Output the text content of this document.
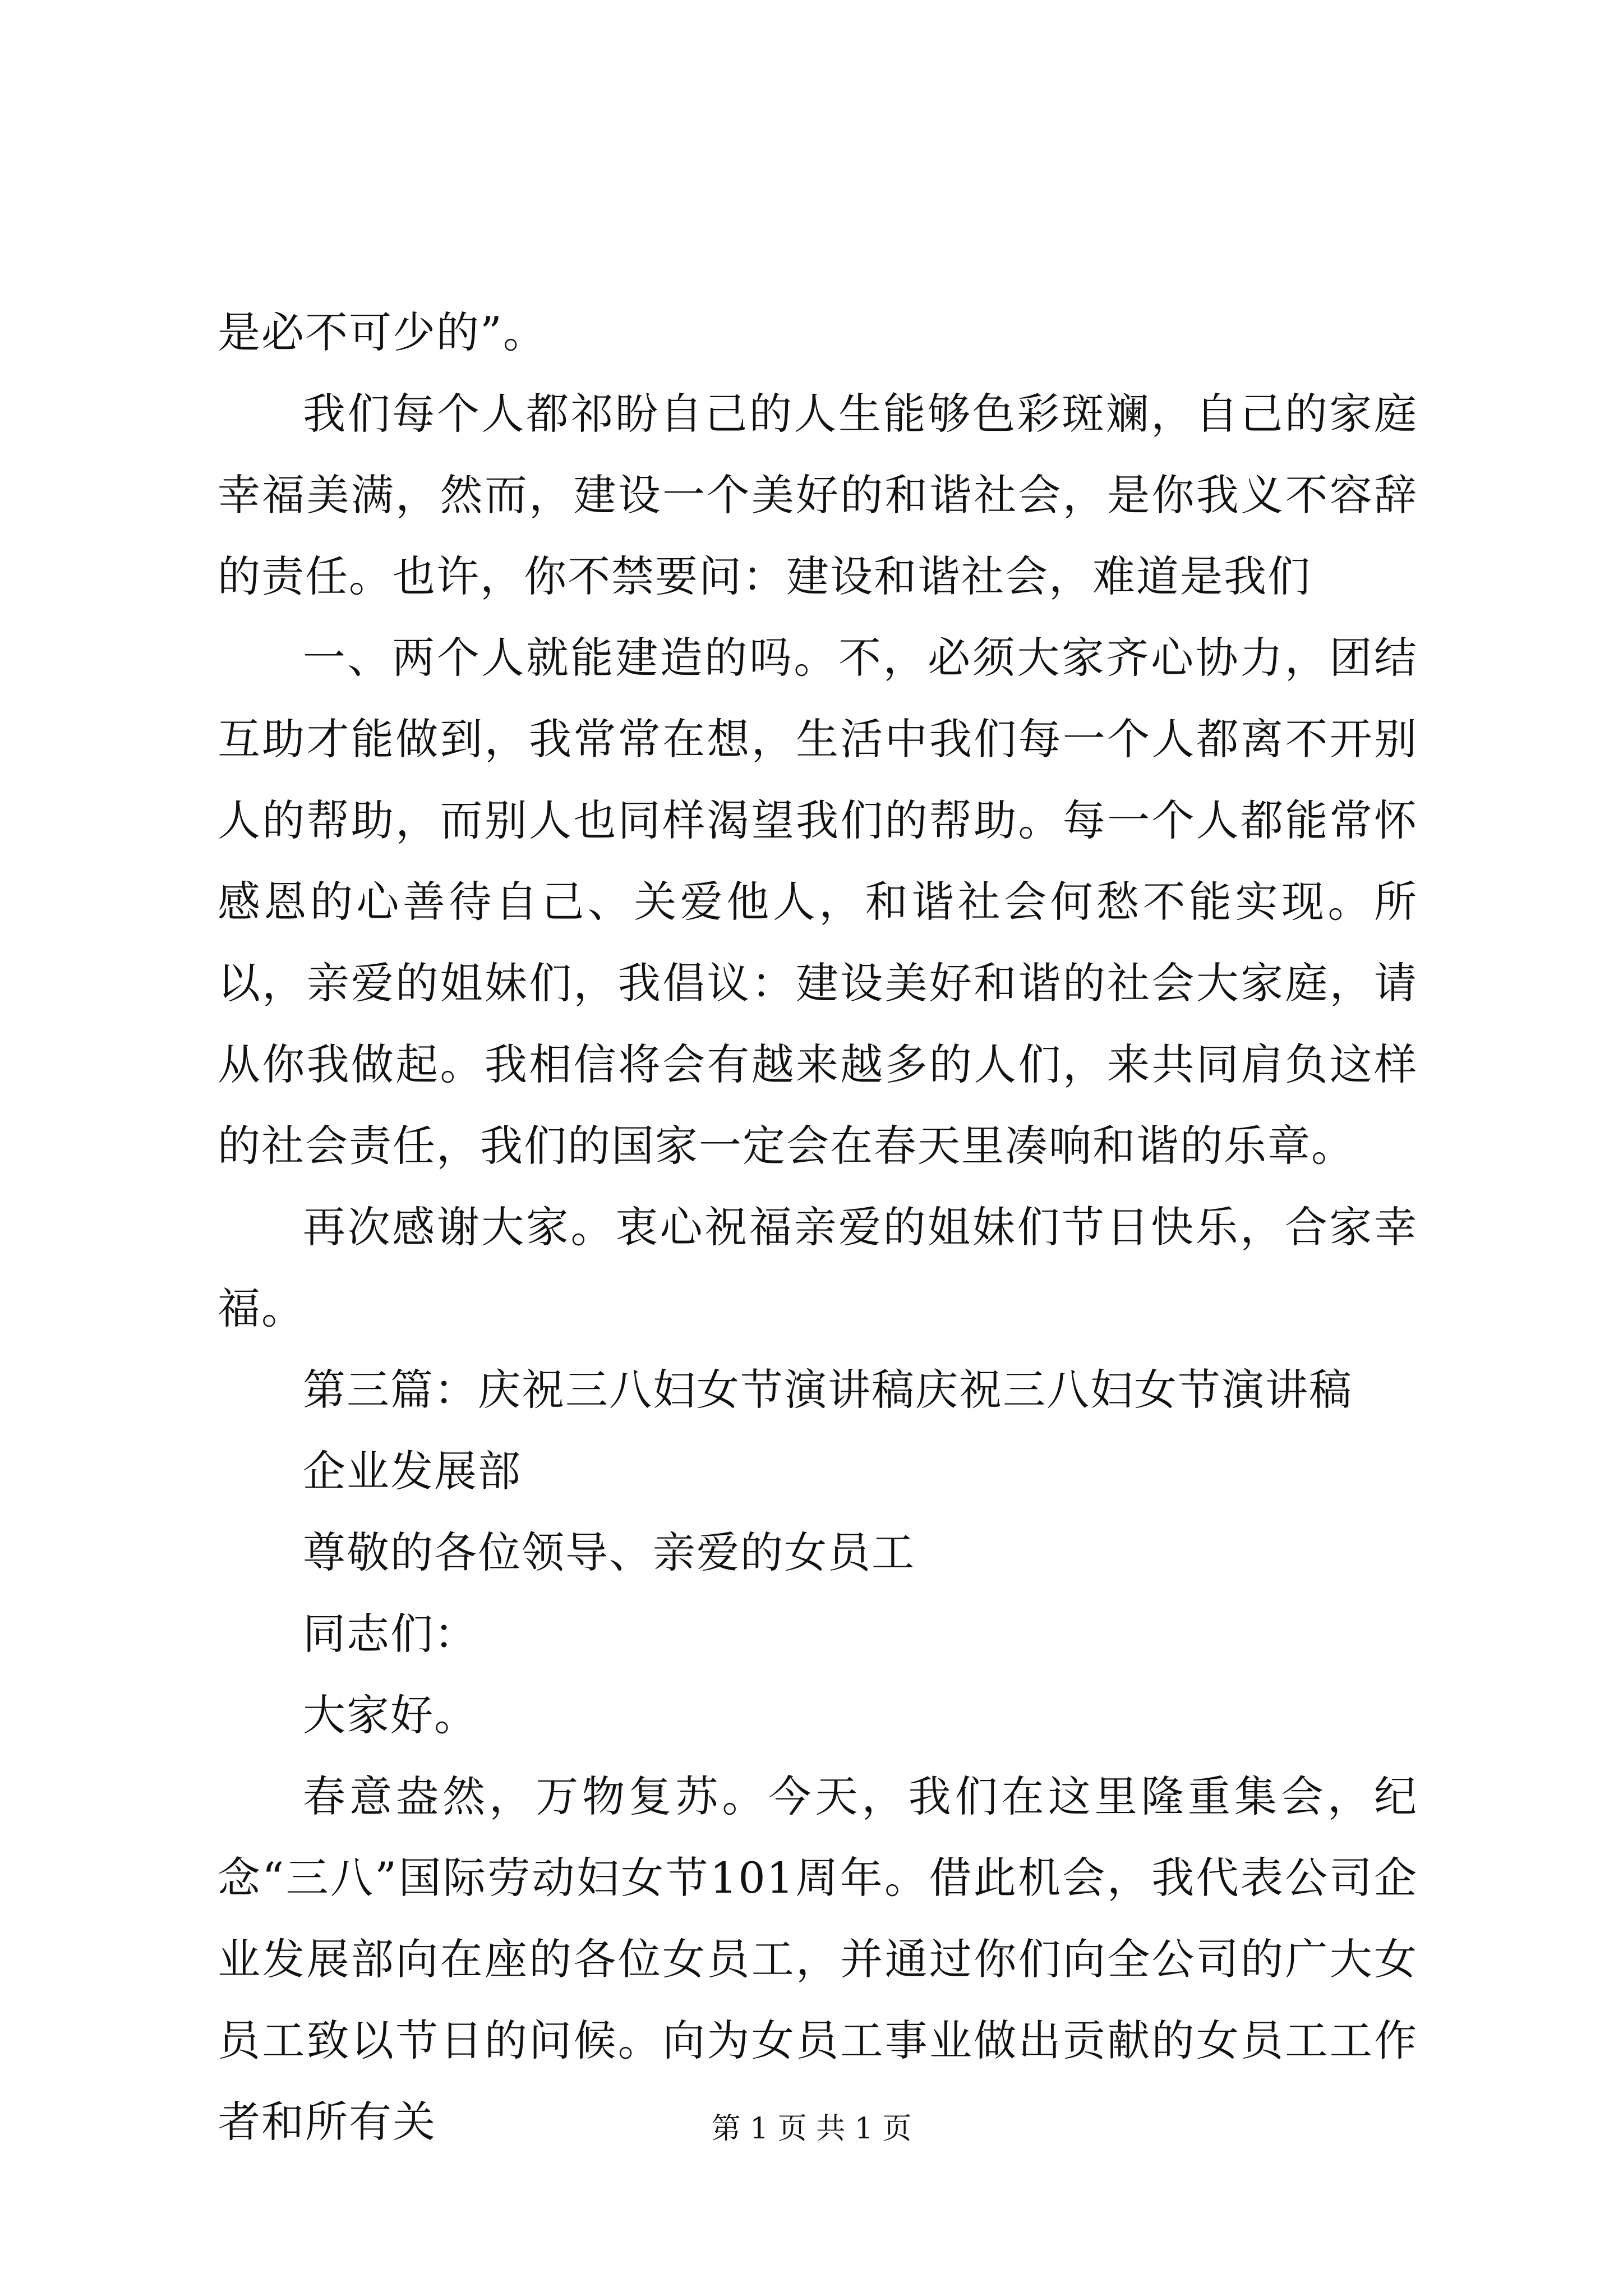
是必不可少的”。

我们每个人都祁盼自己的人生能够色彩斑斓，自己的家庭幸福美满，然而，建设一个美好的和谐社会，是你我义不容辞的责任。也许，你不禁要问：建设和谐社会，难道是我们

一、两个人就能建造的吗。不，必须大家齐心协力，团结互助才能做到，我常常在想，生活中我们每一个人都离不开别人的帮助，而别人也同样渴望我们的帮助。每一个人都能常怀感恩的心善待自己、关爱他人，和谐社会何愁不能实现。所以，亲爱的姐妹们，我倡议：建设美好和谐的社会大家庭，请从你我做起。我相信将会有越来越多的人们，来共同肩负这样的社会责任，我们的国家一定会在春天里凑响和谐的乐章。

再次感谢大家。衷心祝福亲爱的姐妹们节日快乐，合家幸福。

第三篇：庆祝三八妇女节演讲稿庆祝三八妇女节演讲稿

企业发展部

尊敬的各位领导、亲爱的女员工

同志们：

大家好。

春意盎然，万物复苏。今天，我们在这里隆重集会，纪念“三八”国际劳动妇女节101周年。借此机会，我代表公司企业发展部向在座的各位女员工，并通过你们向全公司的广大女员工致以节日的问候。向为女员工事业做出贡献的女员工工作者和所有关	第 1 页 共 1 页
